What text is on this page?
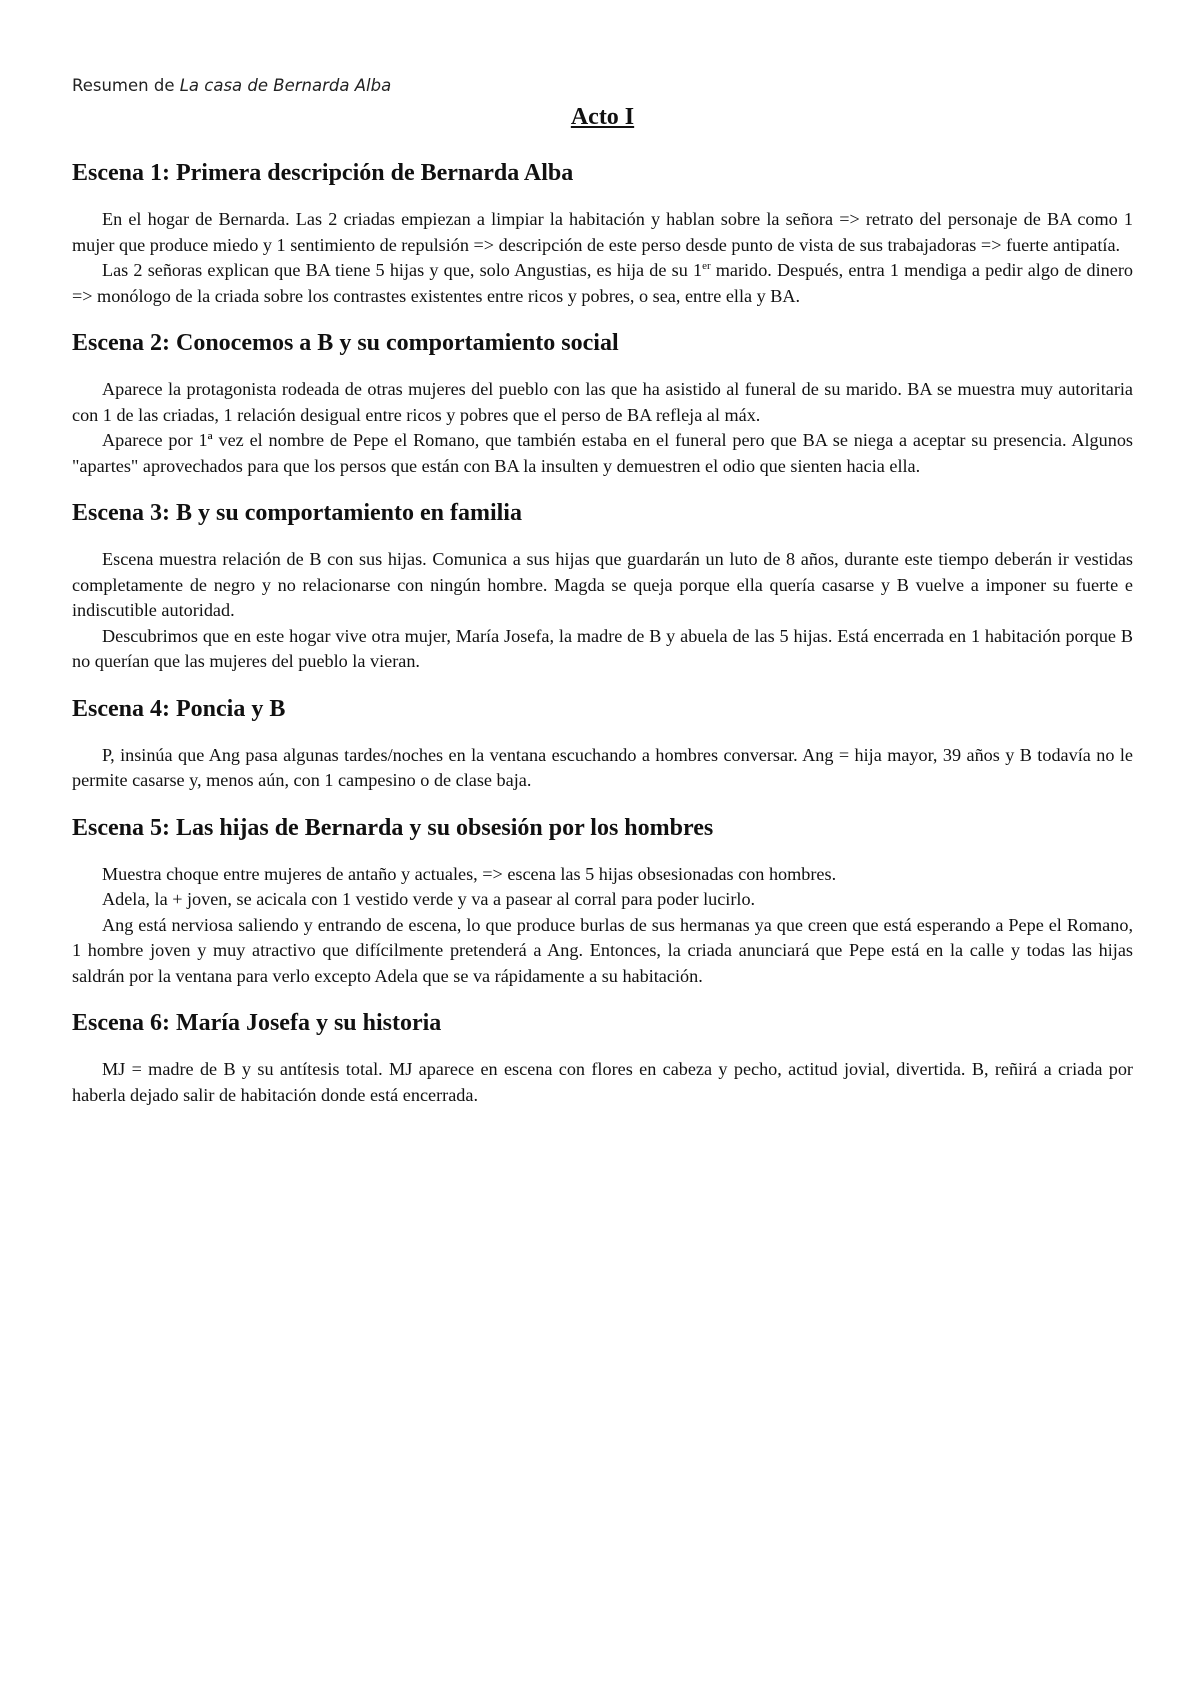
Resumen de La casa de Bernarda Alba
Acto I
Escena 1: Primera descripción de Bernarda Alba

En el hogar de Bernarda. Las 2 criadas empiezan a limpiar la habitación y hablan sobre la señora => retrato del personaje de BA como 1 mujer que produce miedo y 1 sentimiento de repulsión => descripción de este perso desde punto de vista de sus trabajadoras => fuerte antipatía.

Las 2 señoras explican que BA tiene 5 hijas y que, solo Angustias, es hija de su 1er marido. Después, entra 1 mendiga a pedir algo de dinero => monólogo de la criada sobre los contrastes existentes entre ricos y pobres, o sea, entre ella y BA.

Escena 2: Conocemos a B y su comportamiento social

Aparece la protagonista rodeada de otras mujeres del pueblo con las que ha asistido al funeral de su marido. BA se muestra muy autoritaria con 1 de las criadas, 1 relación desigual entre ricos y pobres que el perso de BA refleja al máx.

Aparece por 1ª vez el nombre de Pepe el Romano, que también estaba en el funeral pero que BA se niega a aceptar su presencia. Algunos "apartes" aprovechados para que los persos que están con BA la insulten y demuestren el odio que sienten hacia ella.

Escena 3: B y su comportamiento en familia

Escena muestra relación de B con sus hijas. Comunica a sus hijas que guardarán un luto de 8 años, durante este tiempo deberán ir vestidas completamente de negro y no relacionarse con ningún hombre. Magda se queja porque ella quería casarse y B vuelve a imponer su fuerte e indiscutible autoridad.

Descubrimos que en este hogar vive otra mujer, María Josefa, la madre de B y abuela de las 5 hijas. Está encerrada en 1 habitación porque B no querían que las mujeres del pueblo la vieran.

Escena 4: Poncia y B

P, insinúa que Ang pasa algunas tardes/noches en la ventana escuchando a hombres conversar. Ang = hija mayor, 39 años y B todavía no le permite casarse y, menos aún, con 1 campesino o de clase baja.

Escena 5: Las hijas de Bernarda y su obsesión por los hombres

Muestra choque entre mujeres de antaño y actuales, => escena las 5 hijas obsesionadas con hombres.

Adela, la + joven, se acicala con 1 vestido verde y va a pasear al corral para poder lucirlo.

Ang está nerviosa saliendo y entrando de escena, lo que produce burlas de sus hermanas ya que creen que está esperando a Pepe el Romano, 1 hombre joven y muy atractivo que difícilmente pretenderá a Ang. Entonces, la criada anunciará que Pepe está en la calle y todas las hijas saldrán por la ventana para verlo excepto Adela que se va rápidamente a su habitación.

Escena 6: María Josefa y su historia

MJ = madre de B y su antítesis total. MJ aparece en escena con flores en cabeza y pecho, actitud jovial, divertida. B, reñirá a criada por haberla dejado salir de habitación donde está encerrada.
